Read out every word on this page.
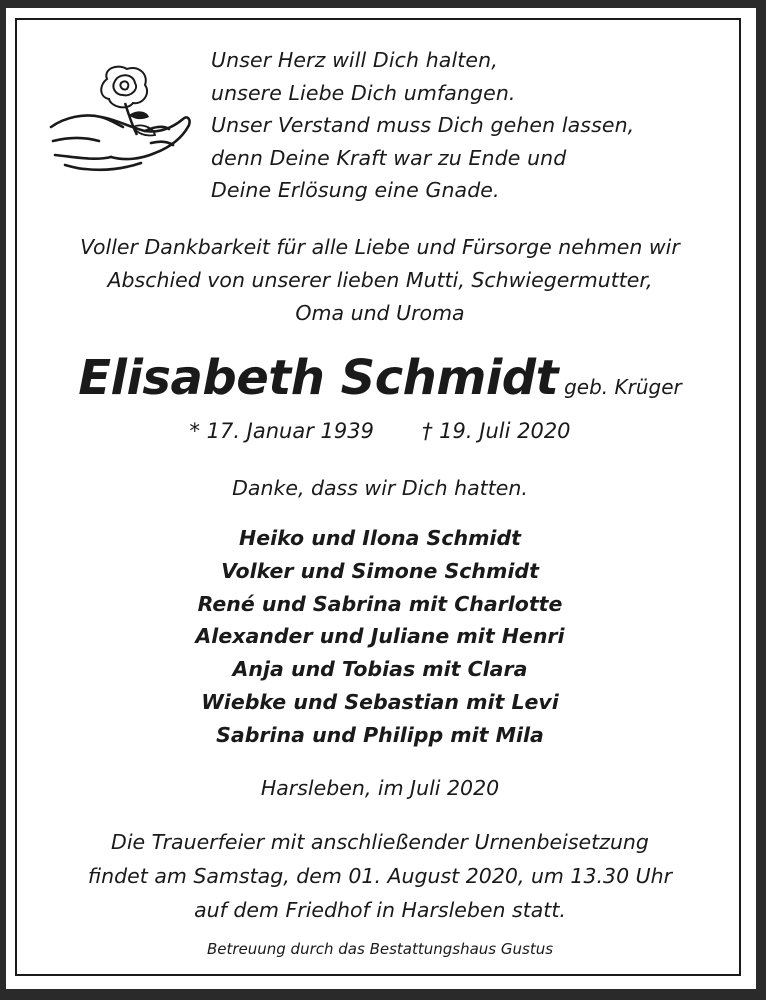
Unser Herz will Dich halten,
unsere Liebe Dich umfangen.
Unser Verstand muss Dich gehen lassen,
denn Deine Kraft war zu Ende und
Deine Erlösung eine Gnade.
Voller Dankbarkeit für alle Liebe und Fürsorge nehmen wir
Abschied von unserer lieben Mutti, Schwiegermutter,
Oma und Uroma
Elisabeth Schmidt geb. Krüger
* 17. Januar 1939 † 19. Juli 2020
Danke, dass wir Dich hatten.
Heiko und Ilona Schmidt
Volker und Simone Schmidt
René und Sabrina mit Charlotte
Alexander und Juliane mit Henri
Anja und Tobias mit Clara
Wiebke und Sebastian mit Levi
Sabrina und Philipp mit Mila
Harsleben, im Juli 2020
Die Trauerfeier mit anschließender Urnenbeisetzung
findet am Samstag, dem 01. August 2020, um 13.30 Uhr
auf dem Friedhof in Harsleben statt.
Betreuung durch das Bestattungshaus Gustus
